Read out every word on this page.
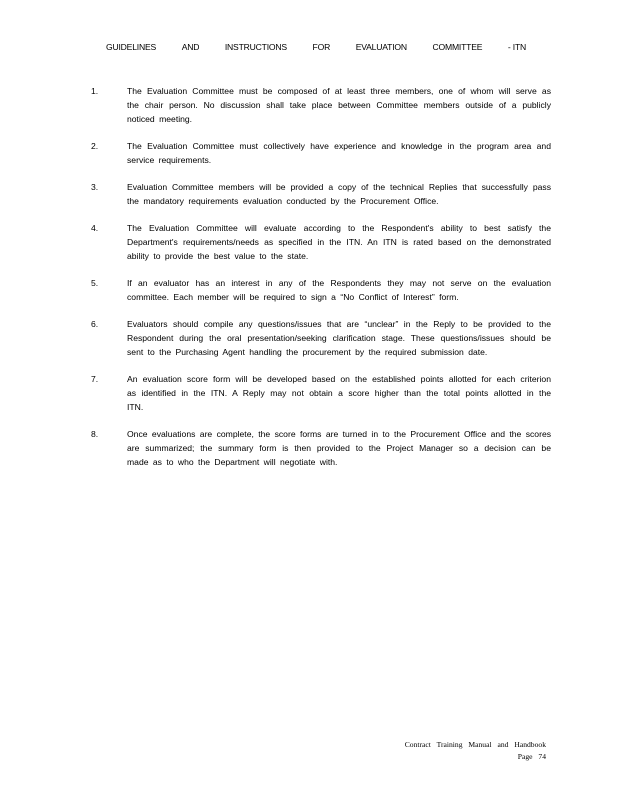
GUIDELINES	AND	INSTRUCTIONS	FOR	EVALUATION	COMMITTEE	- ITN
1.	The Evaluation Committee must be composed of at least three members, one of whom will serve as the chair person. No discussion shall take place between Committee members outside of a publicly noticed meeting.
2.	The Evaluation Committee must collectively have experience and knowledge in the program area and service requirements.
3.	Evaluation Committee members will be provided a copy of the technical Replies that successfully pass the mandatory requirements evaluation conducted by the Procurement Office.
4.	The Evaluation Committee will evaluate according to the Respondent's ability to best satisfy the Department's requirements/needs as specified in the ITN. An ITN is rated based on the demonstrated ability to provide the best value to the state.
5.	If an evaluator has an interest in any of the Respondents they may not serve on the evaluation committee. Each member will be required to sign a “No Conflict of Interest” form.
6.	Evaluators should compile any questions/issues that are “unclear” in the Reply to be provided to the Respondent during the oral presentation/seeking clarification stage. These questions/issues should be sent to the Purchasing Agent handling the procurement by the required submission date.
7.	An evaluation score form will be developed based on the established points allotted for each criterion as identified in the ITN. A Reply may not obtain a score higher than the total points allotted in the ITN.
8.	Once evaluations are complete, the score forms are turned in to the Procurement Office and the scores are summarized; the summary form is then provided to the Project Manager so a decision can be made as to who the Department will negotiate with.
Contract Training Manual and Handbook
Page 74
